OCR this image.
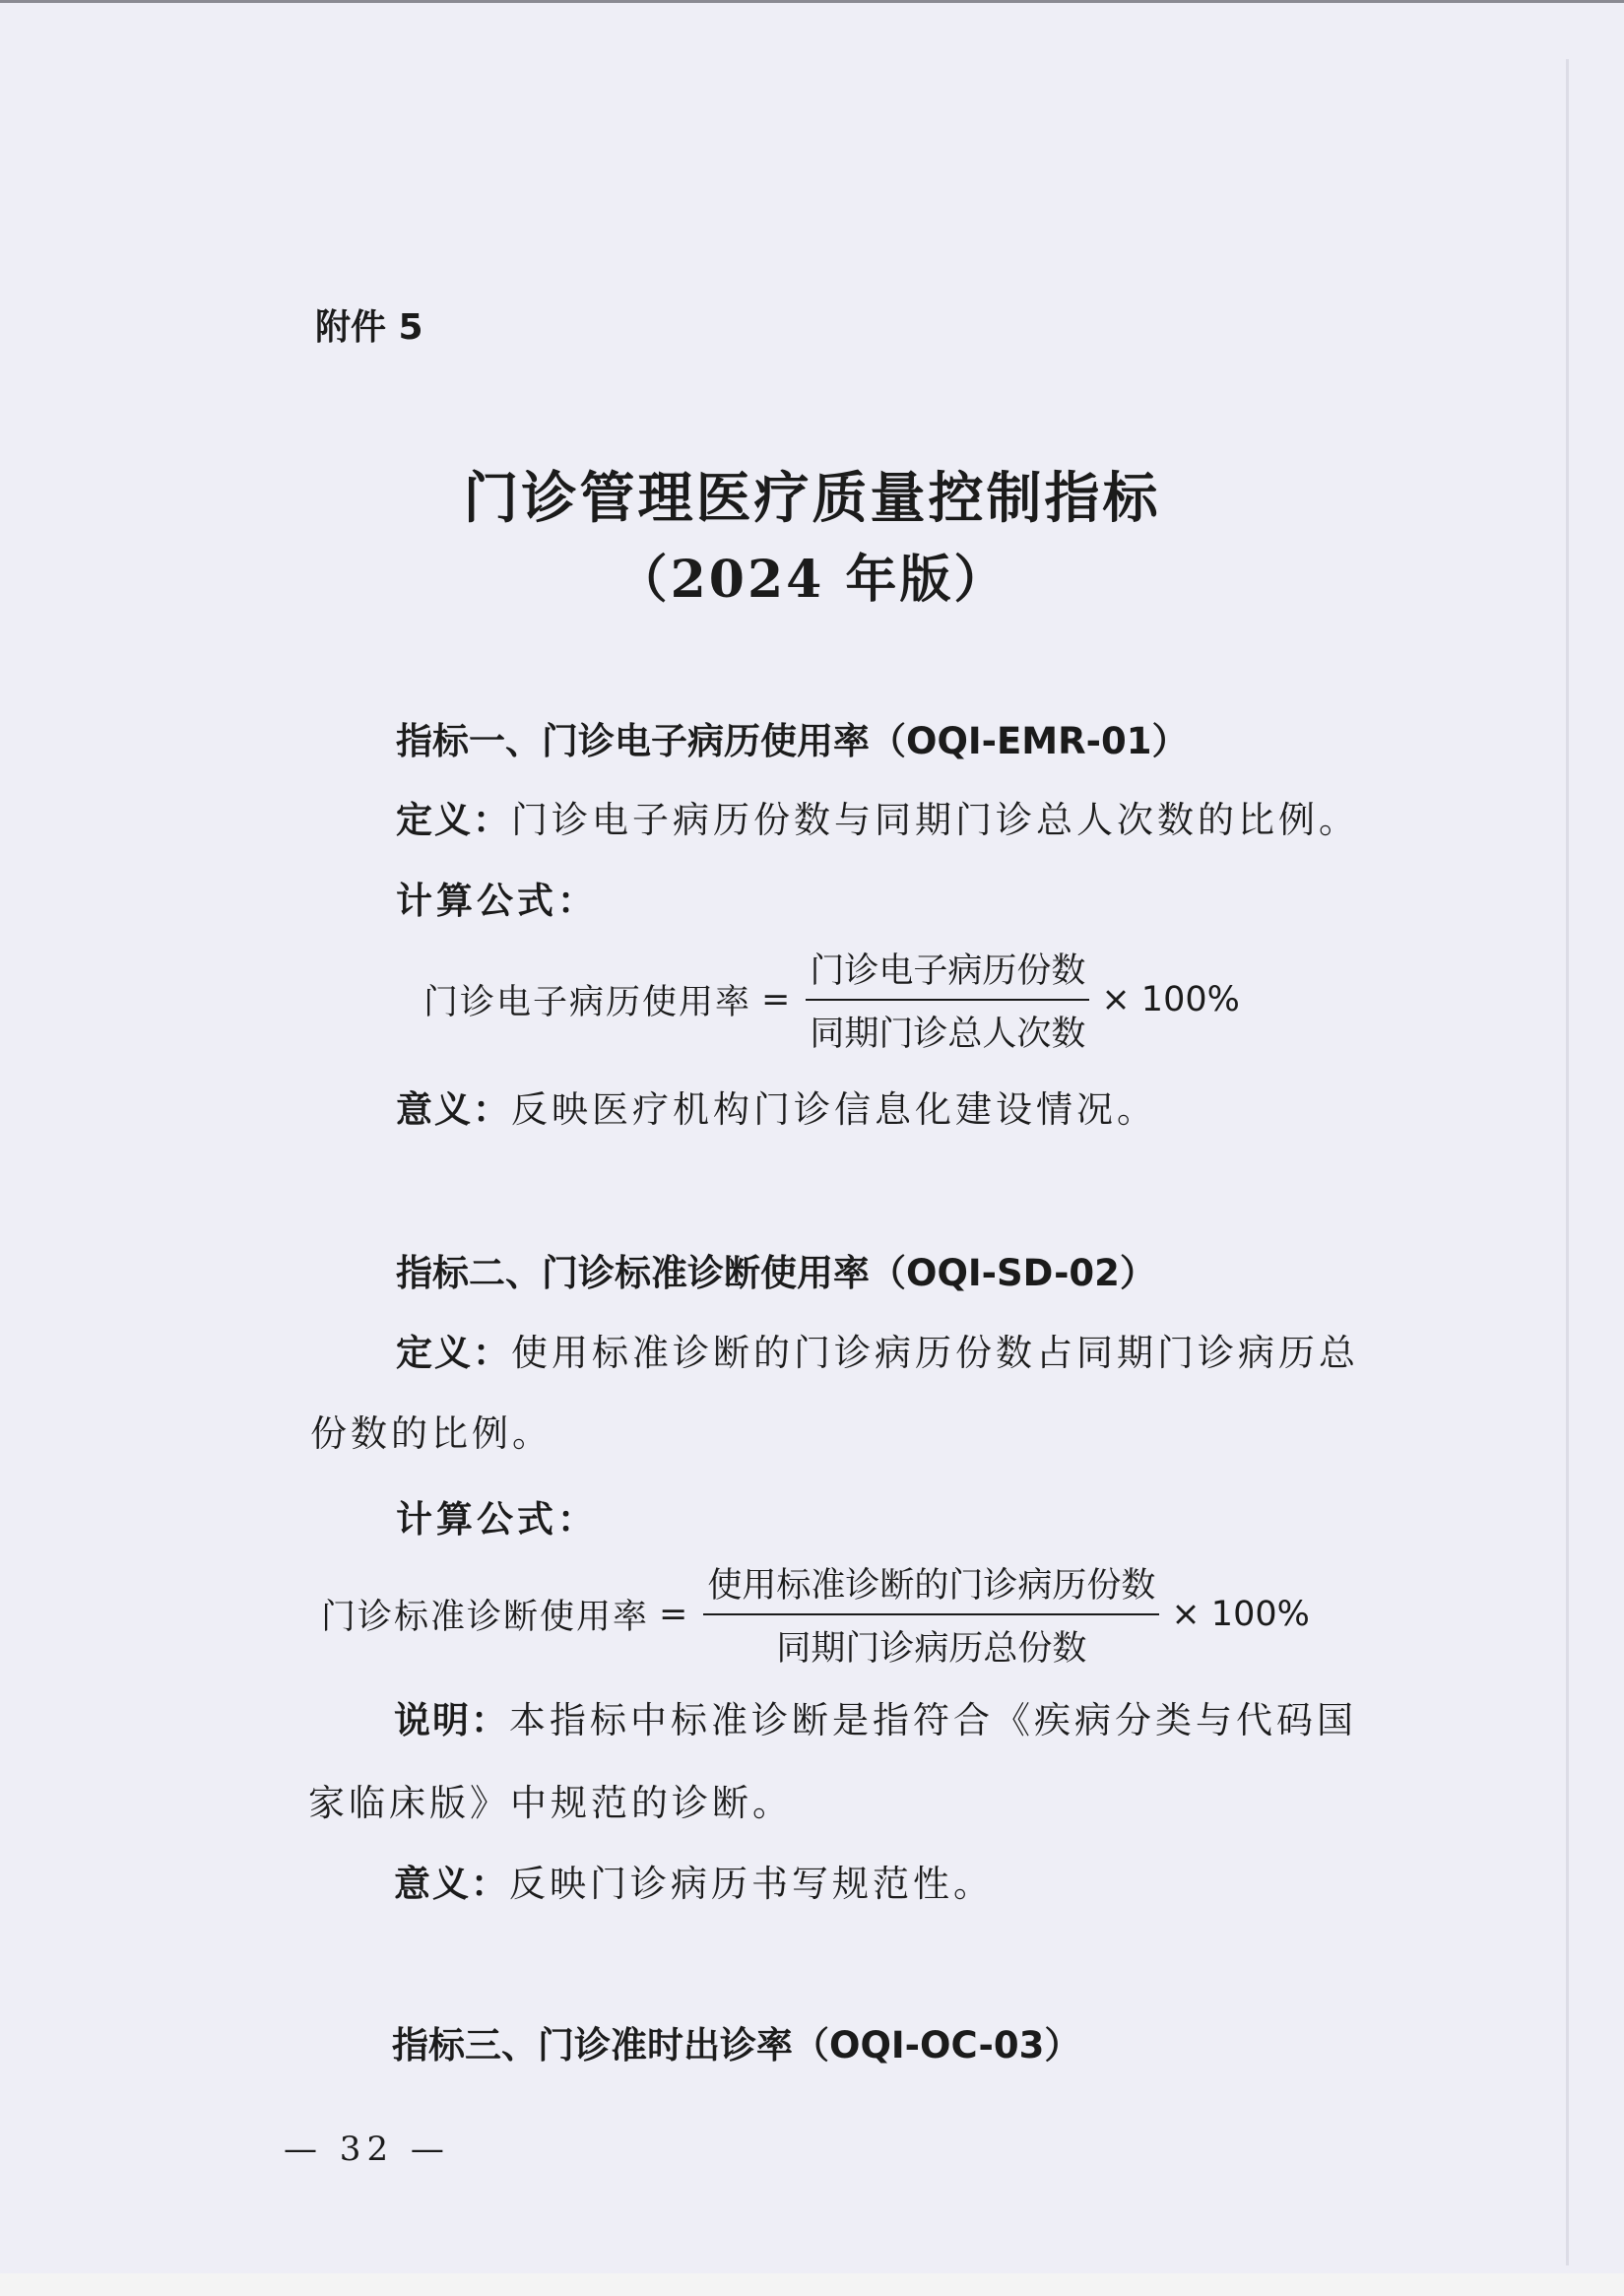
附件 5
门诊管理医疗质量控制指标
（2024 年版）
指标一、门诊电子病历使用率（OQI-EMR-01）
定义：门诊电子病历份数与同期门诊总人次数的比例。
计算公式：
门诊电子病历使用率 = $\frac{\text{门诊电子病历份数}}{\text{同期门诊总人次数}} \times 100\%$
意义：反映医疗机构门诊信息化建设情况。
指标二、门诊标准诊断使用率（OQI-SD-02）
定义：使用标准诊断的门诊病历份数占同期门诊病历总
份数的比例。
计算公式：
门诊标准诊断使用率 = $\frac{\text{使用标准诊断的门诊病历份数}}{\text{同期门诊病历总份数}} \times 100\%$
说明：本指标中标准诊断是指符合《疾病分类与代码国
家临床版》中规范的诊断。
意义：反映门诊病历书写规范性。
指标三、门诊准时出诊率（OQI-OC-03）
— 32 —
